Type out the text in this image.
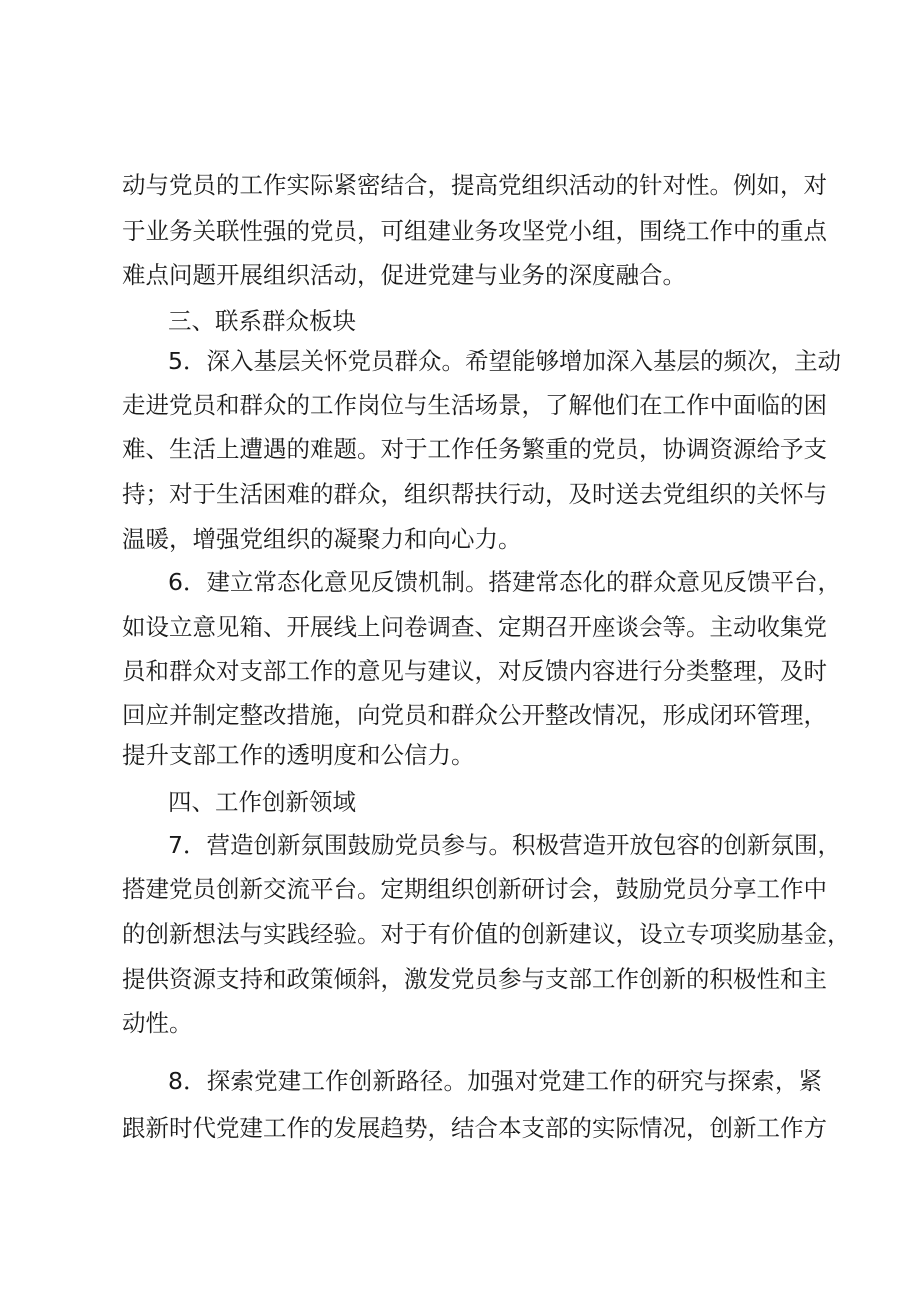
动与党员的工作实际紧密结合，提高党组织活动的针对性。例如，对
于业务关联性强的党员，可组建业务攻坚党小组，围绕工作中的重点
难点问题开展组织活动，促进党建与业务的深度融合。
三、联系群众板块
5．深入基层关怀党员群众。希望能够增加深入基层的频次，主动
走进党员和群众的工作岗位与生活场景，了解他们在工作中面临的困
难、生活上遭遇的难题。对于工作任务繁重的党员，协调资源给予支
持；对于生活困难的群众，组织帮扶行动，及时送去党组织的关怀与
温暖，增强党组织的凝聚力和向心力。
6．建立常态化意见反馈机制。搭建常态化的群众意见反馈平台，
如设立意见箱、开展线上问卷调查、定期召开座谈会等。主动收集党
员和群众对支部工作的意见与建议，对反馈内容进行分类整理，及时
回应并制定整改措施，向党员和群众公开整改情况，形成闭环管理，
提升支部工作的透明度和公信力。
四、工作创新领域
7．营造创新氛围鼓励党员参与。积极营造开放包容的创新氛围，
搭建党员创新交流平台。定期组织创新研讨会，鼓励党员分享工作中
的创新想法与实践经验。对于有价值的创新建议，设立专项奖励基金，
提供资源支持和政策倾斜，激发党员参与支部工作创新的积极性和主
动性。
8．探索党建工作创新路径。加强对党建工作的研究与探索，紧
跟新时代党建工作的发展趋势，结合本支部的实际情况，创新工作方
